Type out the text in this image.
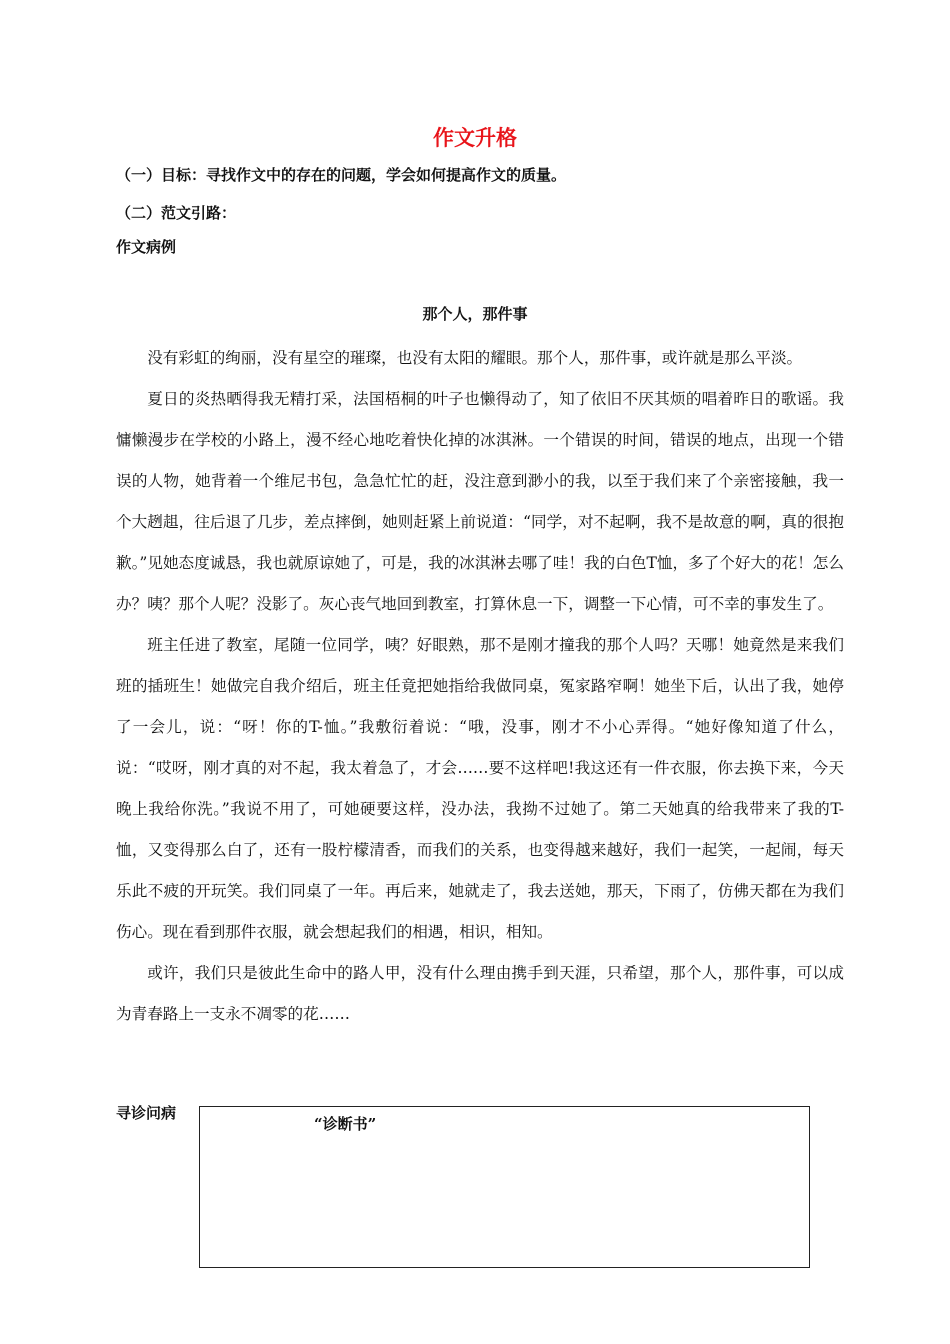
作文升格

（一）目标：寻找作文中的存在的问题，学会如何提高作文的质量。

（二）范文引路：

作文病例

那个人，那件事

没有彩虹的绚丽，没有星空的璀璨，也没有太阳的耀眼。那个人，那件事，或许就是那么平淡。

夏日的炎热晒得我无精打采，法国梧桐的叶子也懒得动了，知了依旧不厌其烦的唱着昨日的歌谣。我慵懒漫步在学校的小路上，漫不经心地吃着快化掉的冰淇淋。一个错误的时间，错误的地点，出现一个错误的人物，她背着一个维尼书包，急急忙忙的赶，没注意到渺小的我，以至于我们来了个亲密接触，我一个大趔趄，往后退了几步，差点摔倒，她则赶紧上前说道：“同学，对不起啊，我不是故意的啊，真的很抱歉。”见她态度诚恳，我也就原谅她了，可是，我的冰淇淋去哪了哇！我的白色T恤，多了个好大的花！怎么办？咦？那个人呢？没影了。灰心丧气地回到教室，打算休息一下，调整一下心情，可不幸的事发生了。

班主任进了教室，尾随一位同学，咦？好眼熟，那不是刚才撞我的那个人吗？天哪！她竟然是来我们班的插班生！她做完自我介绍后，班主任竟把她指给我做同桌，冤家路窄啊！她坐下后，认出了我，她停了一会儿，说：“呀！你的T-恤。”我敷衍着说：“哦，没事，刚才不小心弄得。“她好像知道了什么，说：“哎呀，刚才真的对不起，我太着急了，才会……要不这样吧!我这还有一件衣服，你去换下来，今天晚上我给你洗。”我说不用了，可她硬要这样，没办法，我拗不过她了。第二天她真的给我带来了我的T-恤，又变得那么白了，还有一股柠檬清香，而我们的关系，也变得越来越好，我们一起笑，一起闹，每天乐此不疲的开玩笑。我们同桌了一年。再后来，她就走了，我去送她，那天，下雨了，仿佛天都在为我们伤心。现在看到那件衣服，就会想起我们的相遇，相识，相知。

或许，我们只是彼此生命中的路人甲，没有什么理由携手到天涯，只希望，那个人，那件事，可以成为青春路上一支永不凋零的花……

寻诊问病

“诊断书”
